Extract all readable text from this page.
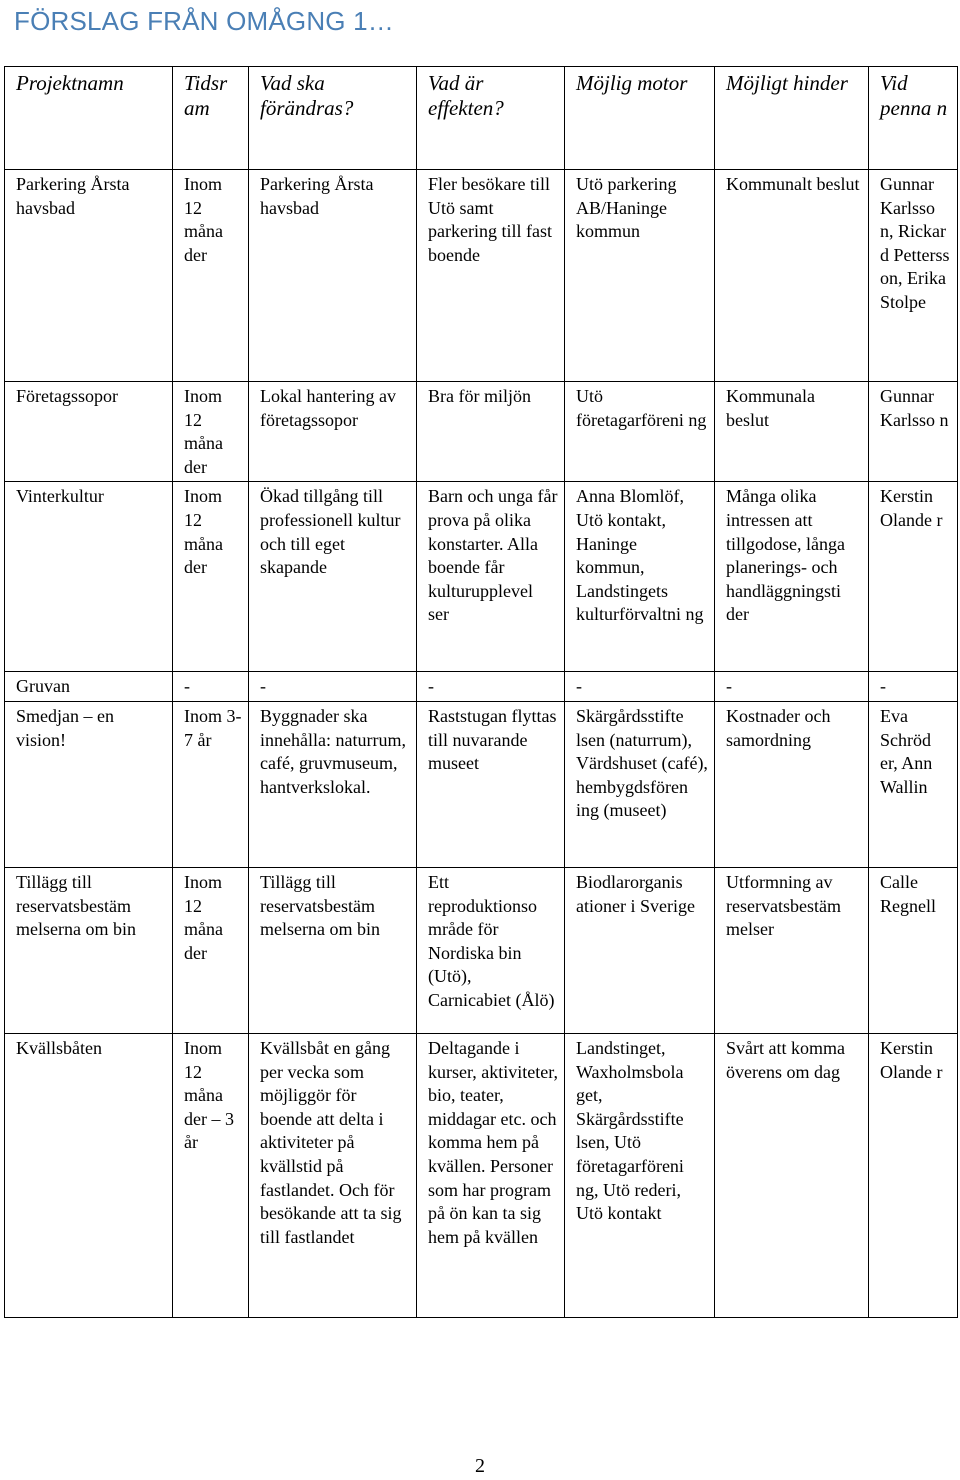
FÖRSLAG FRÅN OMÅGNG 1…
Projektnamn	Tidsr am	Vad ska förändras?	Vad är effekten?	Möjlig motor	Möjligt hinder	Vid penna n
Parkering Årsta havsbad	Inom 12 måna der	Parkering Årsta havsbad	Fler besökare till Utö samt parkering till fast boende	Utö parkering AB/Haninge kommun	Kommunalt beslut	Gunnar Karlsso n, Rickar d Petterss on, Erika Stolpe
Företagssopor	Inom 12 måna der	Lokal hantering av företagssopor	Bra för miljön	Utö företagarföreni ng	Kommunala beslut	Gunnar Karlsso n
Vinterkultur	Inom 12 måna der	Ökad tillgång till professionell kultur och till eget skapande	Barn och unga får prova på olika konstarter. Alla boende får kulturupplevel ser	Anna Blomlöf, Utö kontakt, Haninge kommun, Landstingets kulturförvaltni ng	Många olika intressen att tillgodose, långa planerings- och handläggningsti der	Kerstin Olande r
Gruvan	-	-	-	-	-	-
Smedjan – en vision!	Inom 3-7 år	Byggnader ska innehålla: naturrum, café, gruvmuseum, hantverkslokal.	Raststugan flyttas till nuvarande museet	Skärgårdsstifte lsen (naturrum), Värdshuset (café), hembygdsfören ing (museet)	Kostnader och samordning	Eva Schröd er, Ann Wallin
Tillägg till reservatsbestäm melserna om bin	Inom 12 måna der	Tillägg till reservatsbestäm melserna om bin	Ett reproduktionso mråde för Nordiska bin (Utö), Carnicabiet (Ålö)	Biodlarorganis ationer i Sverige	Utformning av reservatsbestäm melser	Calle Regnell
Kvällsbåten	Inom 12 måna der – 3 år	Kvällsbåt en gång per vecka som möjliggör för boende att delta i aktiviteter på kvällstid på fastlandet. Och för besökande att ta sig till fastlandet	Deltagande i kurser, aktiviteter, bio, teater, middagar etc. och komma hem på kvällen. Personer som har program på ön kan ta sig hem på kvällen	Landstinget, Waxholmsbola get, Skärgårdsstifte lsen, Utö företagarföreni ng, Utö rederi, Utö kontakt	Svårt att komma överens om dag	Kerstin Olande r
2
